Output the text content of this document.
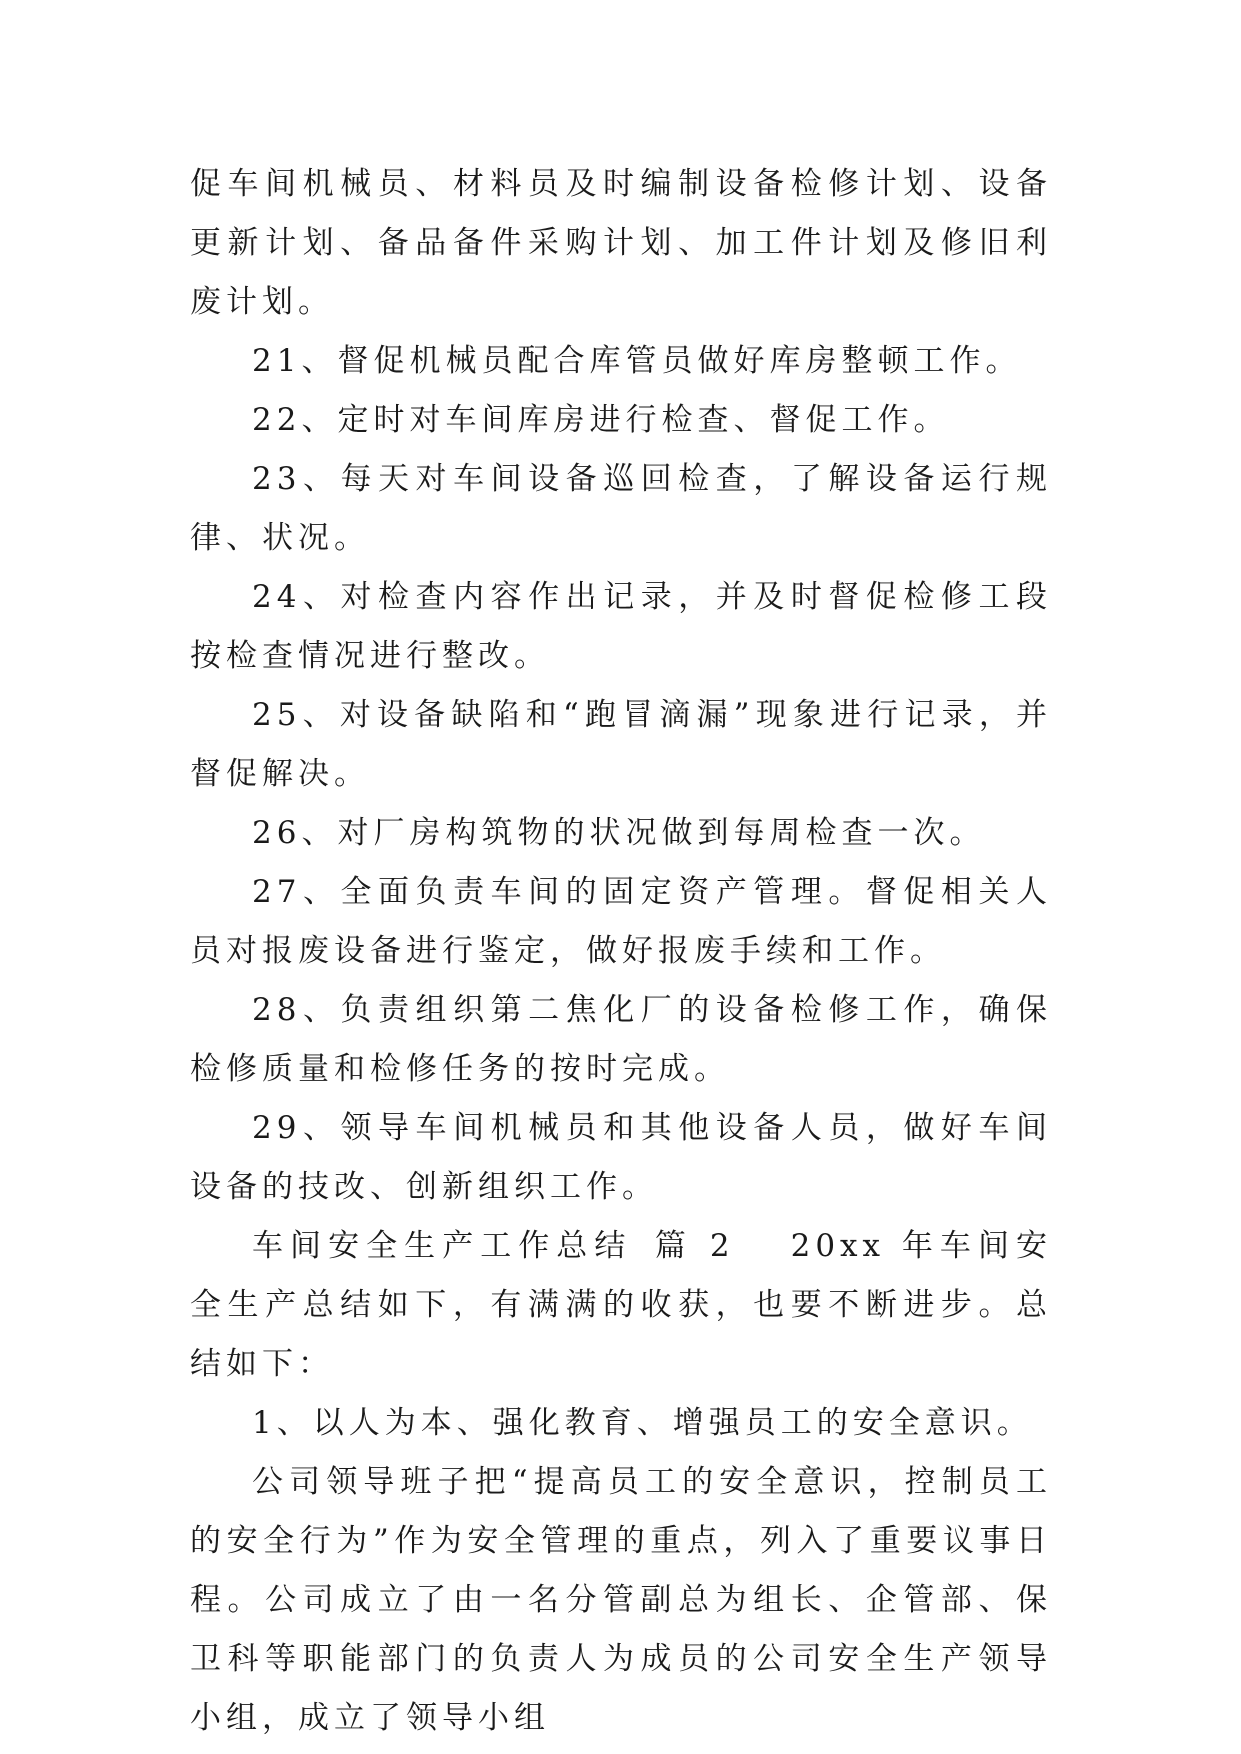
促车间机械员、材料员及时编制设备检修计划、设备更新计划、备品备件采购计划、加工件计划及修旧利废计划。

21、督促机械员配合库管员做好库房整顿工作。

22、定时对车间库房进行检查、督促工作。

23、每天对车间设备巡回检查，了解设备运行规律、状况。

24、对检查内容作出记录，并及时督促检修工段按检查情况进行整改。

25、对设备缺陷和“跑冒滴漏”现象进行记录，并督促解决。

26、对厂房构筑物的状况做到每周检查一次。

27、全面负责车间的固定资产管理。督促相关人员对报废设备进行鉴定，做好报废手续和工作。

28、负责组织第二焦化厂的设备检修工作，确保检修质量和检修任务的按时完成。

29、领导车间机械员和其他设备人员，做好车间设备的技改、创新组织工作。

车间安全生产工作总结  篇 2 20xx 年车间安全生产总结如下，有满满的收获，也要不断进步。总结如下：

1、以人为本、强化教育、增强员工的安全意识。

公司领导班子把“提高员工的安全意识，控制员工的安全行为”作为安全管理的重点，列入了重要议事日程。公司成立了由一名分管副总为组长、企管部、保卫科等职能部门的负责人为成员的公司安全生产领导小组，成立了领导小组
